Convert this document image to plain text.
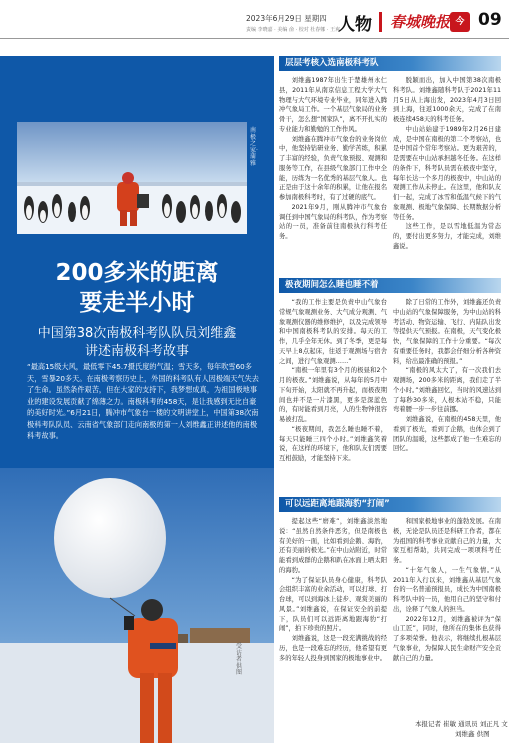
2023年6月29日 星期四
责编 李晓嘉 · 美编 俞 · 校对 杜春娜 · 王爽
人物 春城晚报 今 09
南极之家·蒲雅
200多米的距离
要走半小时
中国第38次南极科考队队员刘维鑫
讲述南极科考故事
“最高15级大风，最低零下45.7摄氏度的气温；雪天多，每年吹雪60多天，雪暴20多天。在南极考察历史上，外国的科考队有人因极端天气失去了生命。虽然条件艰苦，但在大家的支持下，我梦想成真，为祖国极地事业的建设发展贡献了绵薄之力。南极科考的458天，是让我感到无比自豪的美好时光。”6月21日，腾冲市气象台一楼的文明讲堂上，中国第38次南极科考队队员、云南省气象部门走向南极的第一人刘维鑫正讲述他的南极科考故事。
受访者供图
层层考核入选南极科考队

刘维鑫1987年出生于楚雄州永仁县，2011年从南京信息工程大学大气物理与大气环境专业毕业，同年进入腾冲气象局工作。一个基层气象局的业务骨干，怎么想“国家队”，离不开扎实的专业能力和勤勉的工作作风。

刘维鑫在腾冲市气象台的业务岗位中，他坚持钻研业务、勤学苦练，积累了丰富的经验，负责气象预报、观测和服务等工作，在县级气象部门工作中全能，历练为一名优秀的基层气象人。也正是由于这十余年的积累，让他在报名参加南极科考时，有了过硬的底气。

2021年9月，刚从腾冲市气象台调任到中国气象局的科考队，作为考察站的一员，准备前往南极执行科考任务。

脱颖而出，加入中国第38次南极科考队。刘维鑫随科考队于2021年11月5日从上海出发，2023年4月3日回到上海，往返1000余天，完成了在南极连续458天的科考任务。

中山站始建于1989年2月26日建成，是中国在南极的第二个考察站，也是中国首个常年考察站。更为艰苦的，是需要在中山站承担越冬任务。在这样的条件下，科考队员需在极夜中坚守，每年长达一个多月的极夜中，中山站的观测工作从未停止。在这里，他和队友们一起，完成了冰雪和低温气候下的气象观测、极地气象保障、长期数据分析等任务。

这些工作，是以雪地低温为常态的，要付出更多努力，才能完成，刘维鑫说。

极夜期间怎么睡也睡不着

“我的工作主要是负责中山气象台常规气象观测业务、大气成分观测、气象观测仪器的维修维护，以及完成领导和中国南极科考队的安排。每天的工作，几乎全年无休。到了冬季，更是每天早上8点起床，往返于观测场与宿舍之间，进行气象观测……”

“南极一年里有3个月的极昼和2个月的极夜。”刘维鑫说，从每年的5月中下旬开始，太阳就不再升起，而极夜期间也并不是一片漆黑，更多是深蓝色的，有时能看到月亮，人的生物钟很容易被打乱。

“极夜期间，我怎么睡也睡不着，每天只能睡三四个小时。”刘维鑫笑着说，在这样的环境下，他和队友们需要互相鼓励，才能坚持下来。

除了日常的工作外，刘维鑫还负责中山站的气象保障服务，为中山站的科考活动、物资运输、飞行、内陆队出发等提供天气预报。在南极，天气变化极快，气象保障的工作十分重要。“每次有重要任务时，我都会仔细分析各种资料，给出最准确的预报。”

“南极的风太大了，有一次我们去观测场，200多米的距离，我们走了半个小时。”刘维鑫回忆，当时的风速达到了每秒30多米，人根本站不稳，只能弯着腰一步一步往前挪。

刘维鑫说，在南极的458天里，他看到了极光，看到了企鹅，也体会到了团队的温暖，这些都成了他一生难忘的回忆。

可以远距离地跟海豹“打闹”

提起这些“磨难”，刘维鑫淡然地说：“虽然自然条件恶劣，但是南极也有美好的一面，比如看到企鹅、海豹，还有美丽的极光。”在中山站附近，时常能看到成群的企鹅和趴在冰面上晒太阳的海豹。

“为了保证队员身心健康，科考队会组织丰富的业余活动，可以打球、打台球，可以到海冰上徒步、观赏美丽的风景。”刘维鑫说，在保证安全的前提下，队员们可以远距离地跟海豹“打闹”，拍下珍贵的照片。

刘维鑫说，这是一段充满挑战的经历，也是一段难忘的经历，他希望有更多的年轻人投身到国家的极地事业中。

和国家极地事业的蓬勃发展。在南极，无论是队员还是科研工作者，都在为祖国的科考事业贡献自己的力量，大家互相帮助，共同完成一项项科考任务。

“十年气象人，一生气象情。”从2011年入行以来，刘维鑫从基层气象台的一名普通预报员，成长为中国南极科考队中的一员，他用自己的坚守和付出，诠释了气象人的担当。

2022年12月，刘维鑫被评为“保山工匠”，同时，他所在的集体也获得了多项荣誉。他表示，将继续扎根基层气象事业，为保障人民生命财产安全贡献自己的力量。

本报记者 崔敏 通讯员 刘正凡 文
刘维鑫 供图
